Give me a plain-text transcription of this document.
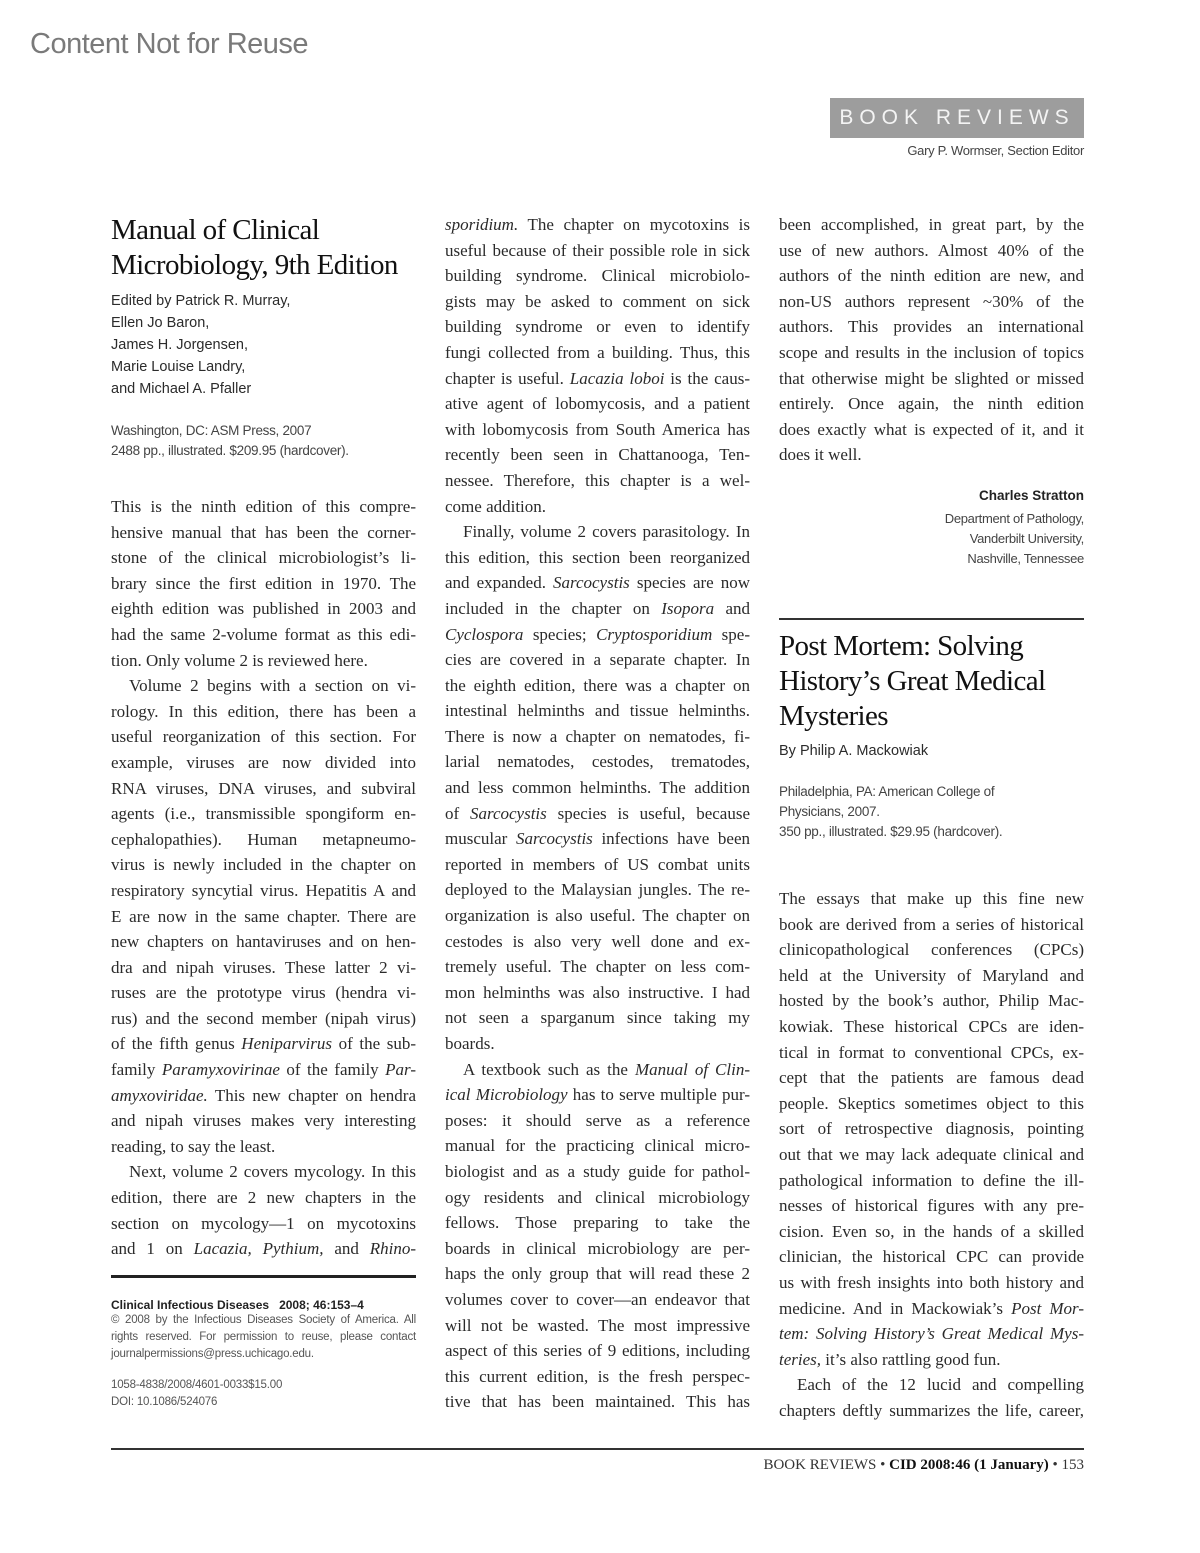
Content Not for Reuse
BOOK REVIEWS
Gary P. Wormser, Section Editor
Manual of Clinical
Microbiology, 9th Edition
Edited by Patrick R. Murray,
Ellen Jo Baron,
James H. Jorgensen,
Marie Louise Landry,
and Michael A. Pfaller
Washington, DC: ASM Press, 2007
2488 pp., illustrated. $209.95 (hardcover).
This is the ninth edition of this compre-
hensive manual that has been the corner-
stone of the clinical microbiologist’s li-
brary since the first edition in 1970. The
eighth edition was published in 2003 and
had the same 2-volume format as this edi-
tion. Only volume 2 is reviewed here.
Volume 2 begins with a section on vi-
rology. In this edition, there has been a
useful reorganization of this section. For
example, viruses are now divided into
RNA viruses, DNA viruses, and subviral
agents (i.e., transmissible spongiform en-
cephalopathies). Human metapneumo-
virus is newly included in the chapter on
respiratory syncytial virus. Hepatitis A and
E are now in the same chapter. There are
new chapters on hantaviruses and on hen-
dra and nipah viruses. These latter 2 vi-
ruses are the prototype virus (hendra vi-
rus) and the second member (nipah virus)
of the fifth genus Heniparvirus of the sub-
family Paramyxovirinae of the family Par-
amyxoviridae. This new chapter on hendra
and nipah viruses makes very interesting
reading, to say the least.
Next, volume 2 covers mycology. In this
edition, there are 2 new chapters in the
section on mycology—1 on mycotoxins
and 1 on Lacazia, Pythium, and Rhino-
Clinical Infectious Diseases 2008; 46:153–4
© 2008 by the Infectious Diseases Society of America. All rights reserved. For permission to reuse, please contact journalpermissions@press.uchicago.edu.
1058-4838/2008/4601-0033$15.00
DOI: 10.1086/524076
sporidium. The chapter on mycotoxins is
useful because of their possible role in sick
building syndrome. Clinical microbiolo-
gists may be asked to comment on sick
building syndrome or even to identify
fungi collected from a building. Thus, this
chapter is useful. Lacazia loboi is the caus-
ative agent of lobomycosis, and a patient
with lobomycosis from South America has
recently been seen in Chattanooga, Ten-
nessee. Therefore, this chapter is a wel-
come addition.
Finally, volume 2 covers parasitology. In
this edition, this section been reorganized
and expanded. Sarcocystis species are now
included in the chapter on Isopora and
Cyclospora species; Cryptosporidium spe-
cies are covered in a separate chapter. In
the eighth edition, there was a chapter on
intestinal helminths and tissue helminths.
There is now a chapter on nematodes, fi-
larial nematodes, cestodes, trematodes,
and less common helminths. The addition
of Sarcocystis species is useful, because
muscular Sarcocystis infections have been
reported in members of US combat units
deployed to the Malaysian jungles. The re-
organization is also useful. The chapter on
cestodes is also very well done and ex-
tremely useful. The chapter on less com-
mon helminths was also instructive. I had
not seen a sparganum since taking my
boards.
A textbook such as the Manual of Clin-
ical Microbiology has to serve multiple pur-
poses: it should serve as a reference
manual for the practicing clinical micro-
biologist and as a study guide for pathol-
ogy residents and clinical microbiology
fellows. Those preparing to take the
boards in clinical microbiology are per-
haps the only group that will read these 2
volumes cover to cover—an endeavor that
will not be wasted. The most impressive
aspect of this series of 9 editions, including
this current edition, is the fresh perspec-
tive that has been maintained. This has
been accomplished, in great part, by the
use of new authors. Almost 40% of the
authors of the ninth edition are new, and
non-US authors represent ~30% of the
authors. This provides an international
scope and results in the inclusion of topics
that otherwise might be slighted or missed
entirely. Once again, the ninth edition
does exactly what is expected of it, and it
does it well.
Charles Stratton
Department of Pathology,
Vanderbilt University,
Nashville, Tennessee
Post Mortem: Solving
History’s Great Medical
Mysteries
By Philip A. Mackowiak
Philadelphia, PA: American College of
Physicians, 2007.
350 pp., illustrated. $29.95 (hardcover).
The essays that make up this fine new
book are derived from a series of historical
clinicopathological conferences (CPCs)
held at the University of Maryland and
hosted by the book’s author, Philip Mac-
kowiak. These historical CPCs are iden-
tical in format to conventional CPCs, ex-
cept that the patients are famous dead
people. Skeptics sometimes object to this
sort of retrospective diagnosis, pointing
out that we may lack adequate clinical and
pathological information to define the ill-
nesses of historical figures with any pre-
cision. Even so, in the hands of a skilled
clinician, the historical CPC can provide
us with fresh insights into both history and
medicine. And in Mackowiak’s Post Mor-
tem: Solving History’s Great Medical Mys-
teries, it’s also rattling good fun.
Each of the 12 lucid and compelling
chapters deftly summarizes the life, career,
BOOK REVIEWS • CID 2008:46 (1 January) • 153
